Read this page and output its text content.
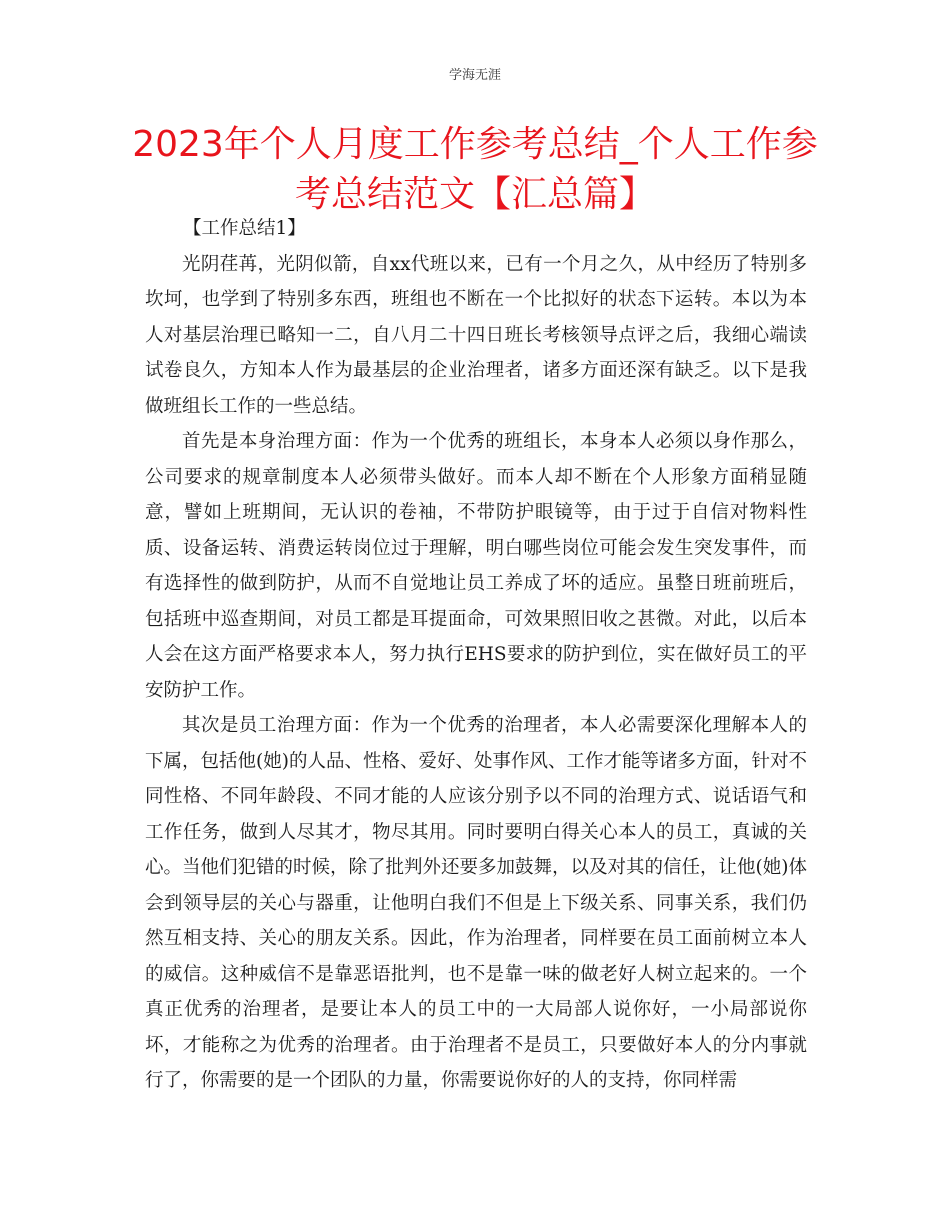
学海无涯
2023年个人月度工作参考总结_个人工作参考总结范文【汇总篇】

【工作总结1】

光阴荏苒，光阴似箭，自xx代班以来，已有一个月之久，从中经历了特别多坎坷，也学到了特别多东西，班组也不断在一个比拟好的状态下运转。本以为本人对基层治理已略知一二，自八月二十四日班长考核领导点评之后，我细心端读试卷良久，方知本人作为最基层的企业治理者，诸多方面还深有缺乏。以下是我做班组长工作的一些总结。

首先是本身治理方面：作为一个优秀的班组长，本身本人必须以身作那么，公司要求的规章制度本人必须带头做好。而本人却不断在个人形象方面稍显随意，譬如上班期间，无认识的卷袖，不带防护眼镜等，由于过于自信对物料性质、设备运转、消费运转岗位过于理解，明白哪些岗位可能会发生突发事件，而有选择性的做到防护，从而不自觉地让员工养成了坏的适应。虽整日班前班后，包括班中巡查期间，对员工都是耳提面命，可效果照旧收之甚微。对此，以后本人会在这方面严格要求本人，努力执行EHS要求的防护到位，实在做好员工的平安防护工作。

其次是员工治理方面：作为一个优秀的治理者，本人必需要深化理解本人的下属，包括他(她)的人品、性格、爱好、处事作风、工作才能等诸多方面，针对不同性格、不同年龄段、不同才能的人应该分别予以不同的治理方式、说话语气和工作任务，做到人尽其才，物尽其用。同时要明白得关心本人的员工，真诚的关心。当他们犯错的时候，除了批判外还要多加鼓舞，以及对其的信任，让他(她)体会到领导层的关心与器重，让他明白我们不但是上下级关系、同事关系，我们仍然互相支持、关心的朋友关系。因此，作为治理者，同样要在员工面前树立本人的威信。这种威信不是靠恶语批判，也不是靠一味的做老好人树立起来的。一个真正优秀的治理者，是要让本人的员工中的一大局部人说你好，一小局部说你坏，才能称之为优秀的治理者。由于治理者不是员工，只要做好本人的分内事就行了，你需要的是一个团队的力量，你需要说你好的人的支持，你同样需
